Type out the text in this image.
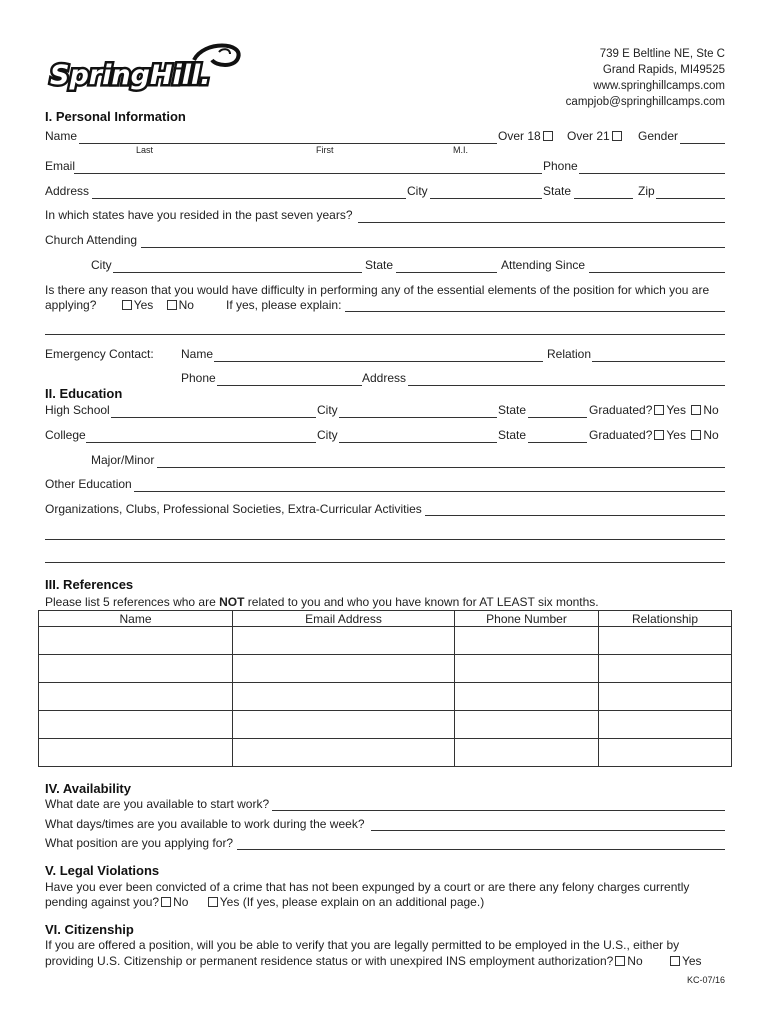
SpringHill.
739 E Beltline NE, Ste C
Grand Rapids, MI49525
www.springhillcamps.com
campjob@springhillcamps.com
I. Personal Information
Name
Last	First	M.I.
Over 18	Over 21	Gender
Email	Phone
Address	City	State	Zip
In which states have you resided in the past seven years?
Church Attending
City	State	Attending Since
Is there any reason that you would have difficulty in performing any of the essential elements of the position for which you are
applying?	Yes No	If yes, please explain:
Emergency Contact: Name	Relation
Phone	Address
II. Education
High School	City	State	Graduated? Yes No
College	City	State	Graduated? Yes No
Major/Minor
Other Education
Organizations, Clubs, Professional Societies, Extra-Curricular Activities
III. References
Please list 5 references who are NOT related to you and who you have known for AT LEAST six months.
Name	Email Address	Phone Number	Relationship

IV. Availability
What date are you available to start work?
What days/times are you available to work during the week?
What position are you applying for?
V. Legal Violations
Have you ever been convicted of a crime that has not been expunged by a court or are there any felony charges currently
pending against you? No	Yes (If yes, please explain on an additional page.)
VI. Citizenship
If you are offered a position, will you be able to verify that you are legally permitted to be employed in the U.S., either by
providing U.S. Citizenship or permanent residence status or with unexpired INS employment authorization? No	Yes
KC-07/16
